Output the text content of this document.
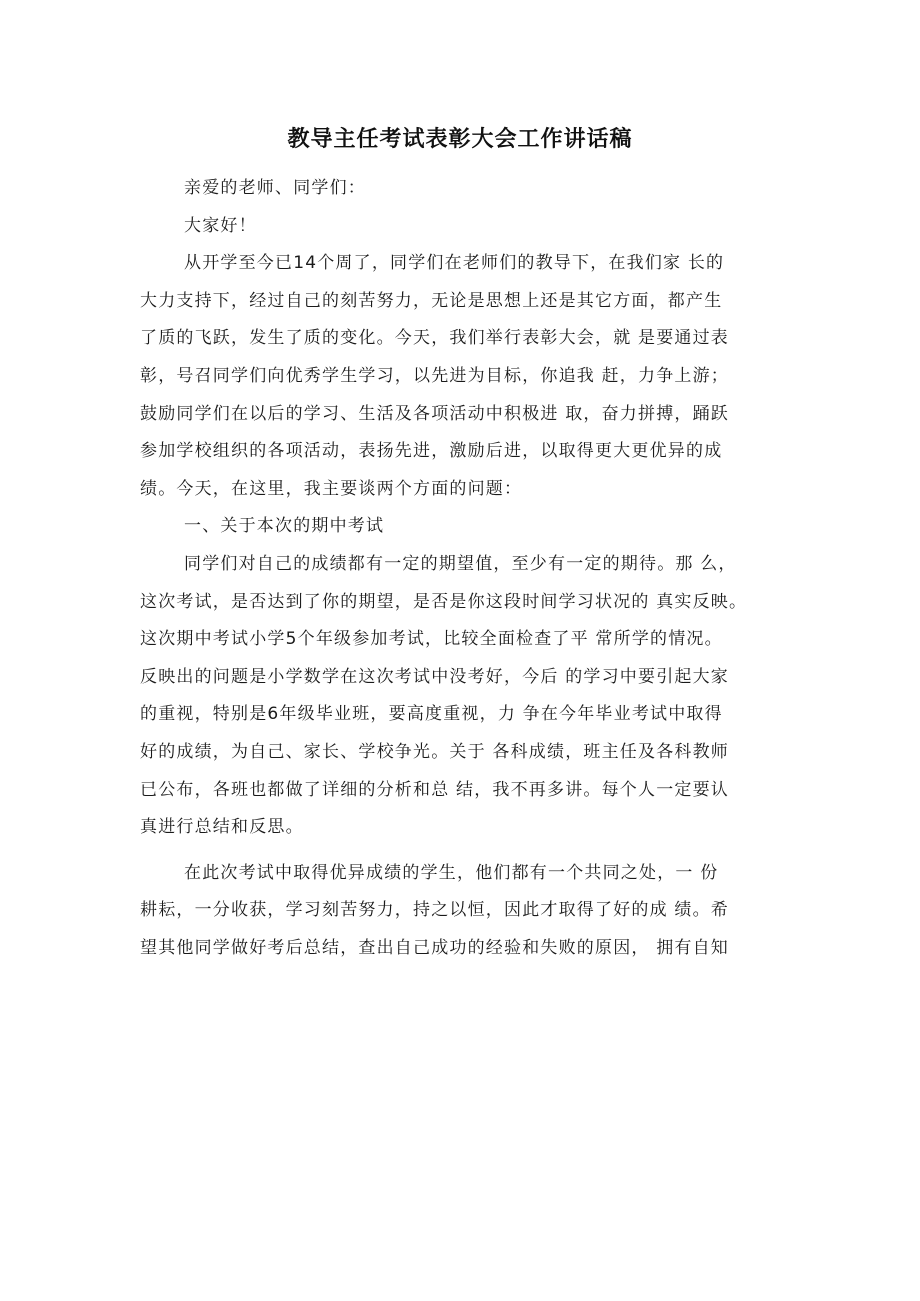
教导主任考试表彰大会工作讲话稿
亲爱的老师、同学们：
大家好！
从开学至今已14个周了，同学们在老师们的教导下，在我们家 长的
大力支持下，经过自己的刻苦努力，无论是思想上还是其它方面，都产生
了质的飞跃，发生了质的变化。今天，我们举行表彰大会，就 是要通过表
彰，号召同学们向优秀学生学习，以先进为目标，你追我 赶，力争上游；
鼓励同学们在以后的学习、生活及各项活动中积极进 取，奋力拼搏，踊跃
参加学校组织的各项活动，表扬先进，激励后进，以取得更大更优异的成
绩。今天，在这里，我主要谈两个方面的问题：
一、关于本次的期中考试
同学们对自己的成绩都有一定的期望值，至少有一定的期待。那 么，
这次考试，是否达到了你的期望，是否是你这段时间学习状况的 真实反映。
这次期中考试小学5个年级参加考试，比较全面检查了平 常所学的情况。
反映出的问题是小学数学在这次考试中没考好，今后 的学习中要引起大家
的重视，特别是6年级毕业班，要高度重视，力 争在今年毕业考试中取得
好的成绩，为自己、家长、学校争光。关于 各科成绩，班主任及各科教师
已公布，各班也都做了详细的分析和总 结，我不再多讲。每个人一定要认
真进行总结和反思。
在此次考试中取得优异成绩的学生，他们都有一个共同之处，一 份
耕耘，一分收获，学习刻苦努力，持之以恒，因此才取得了好的成 绩。希
望其他同学做好考后总结，查出自己成功的经验和失败的原因， 拥有自知
